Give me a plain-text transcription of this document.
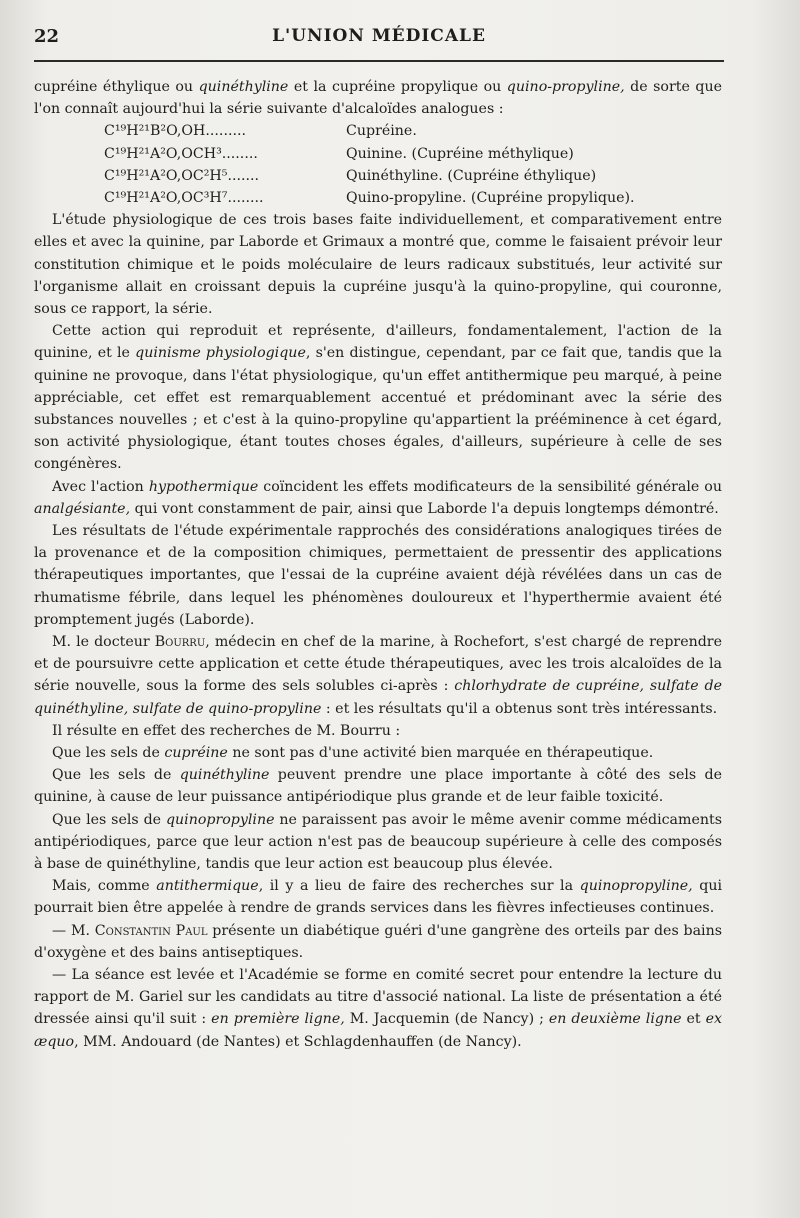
22	L'UNION MÉDICALE

cupréine éthylique ou quinéthyline et la cupréine propylique ou quino-propyline, de sorte que l'on connaît aujourd'hui la série suivante d'alcaloïdes analogues :

C¹⁹H²¹B²O,OH.........	Cupréine.
C¹⁹H²¹A²O,OCH³........	Quinine. (Cupréine méthylique)
C¹⁹H²¹A²O,OC²H⁵.......	Quinéthyline. (Cupréine éthylique)
C¹⁹H²¹A²O,OC³H⁷........	Quino-propyline. (Cupréine propylique).

L'étude physiologique de ces trois bases faite individuellement, et comparativement entre elles et avec la quinine, par Laborde et Grimaux a montré que, comme le faisaient prévoir leur constitution chimique et le poids moléculaire de leurs radicaux substitués, leur activité sur l'organisme allait en croissant depuis la cupréine jusqu'à la quino-propyline, qui couronne, sous ce rapport, la série.

Cette action qui reproduit et représente, d'ailleurs, fondamentalement, l'action de la quinine, et le quinisme physiologique, s'en distingue, cependant, par ce fait que, tandis que la quinine ne provoque, dans l'état physiologique, qu'un effet antithermique peu marqué, à peine appréciable, cet effet est remarquablement accentué et prédominant avec la série des substances nouvelles ; et c'est à la quino-propyline qu'appartient la prééminence à cet égard, son activité physiologique, étant toutes choses égales, d'ailleurs, supérieure à celle de ses congénères.

Avec l'action hypothermique coïncident les effets modificateurs de la sensibilité générale ou analgésiante, qui vont constamment de pair, ainsi que Laborde l'a depuis longtemps démontré.

Les résultats de l'étude expérimentale rapprochés des considérations analogiques tirées de la provenance et de la composition chimiques, permettaient de pressentir des applications thérapeutiques importantes, que l'essai de la cupréine avaient déjà révélées dans un cas de rhumatisme fébrile, dans lequel les phénomènes douloureux et l'hyperthermie avaient été promptement jugés (Laborde).

M. le docteur Bourru, médecin en chef de la marine, à Rochefort, s'est chargé de reprendre et de poursuivre cette application et cette étude thérapeutiques, avec les trois alcaloïdes de la série nouvelle, sous la forme des sels solubles ci-après : chlorhydrate de cupréine, sulfate de quinéthyline, sulfate de quino-propyline : et les résultats qu'il a obtenus sont très intéressants.

Il résulte en effet des recherches de M. Bourru :

Que les sels de cupréine ne sont pas d'une activité bien marquée en thérapeutique.

Que les sels de quinéthyline peuvent prendre une place importante à côté des sels de quinine, à cause de leur puissance antipériodique plus grande et de leur faible toxicité.

Que les sels de quinopropyline ne paraissent pas avoir le même avenir comme médicaments antipériodiques, parce que leur action n'est pas de beaucoup supérieure à celle des composés à base de quinéthyline, tandis que leur action est beaucoup plus élevée.

Mais, comme antithermique, il y a lieu de faire des recherches sur la quinopropyline, qui pourrait bien être appelée à rendre de grands services dans les fièvres infectieuses continues.

— M. Constantin Paul présente un diabétique guéri d'une gangrène des orteils par des bains d'oxygène et des bains antiseptiques.

— La séance est levée et l'Académie se forme en comité secret pour entendre la lecture du rapport de M. Gariel sur les candidats au titre d'associé national. La liste de présentation a été dressée ainsi qu'il suit : en première ligne, M. Jacquemin (de Nancy) ; en deuxième ligne et ex æquo, MM. Andouard (de Nantes) et Schlagdenhauffen (de Nancy).
